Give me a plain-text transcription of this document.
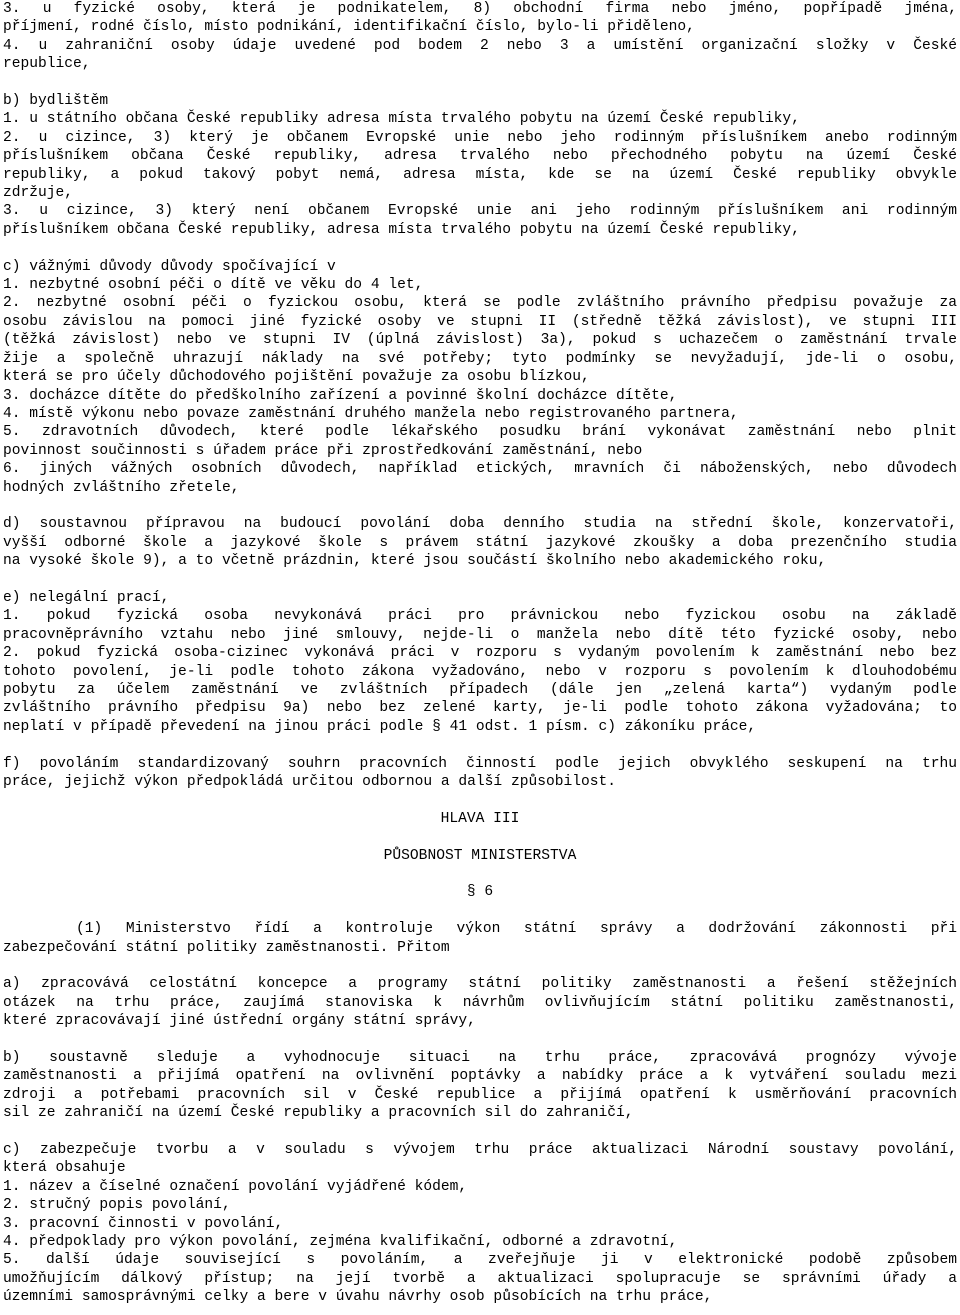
3. u fyzické osoby, která je podnikatelem, 8) obchodní firma nebo jméno, popřípadě jména,
příjmení, rodné číslo, místo podnikání, identifikační číslo, bylo-li přiděleno,
4. u zahraniční osoby údaje uvedené pod bodem 2 nebo 3 a umístění organizační složky v České
republice,
b) bydlištěm
1. u státního občana České republiky adresa místa trvalého pobytu na území České republiky,
2. u cizince, 3) který je občanem Evropské unie nebo jeho rodinným příslušníkem anebo rodinným
příslušníkem občana České republiky, adresa trvalého nebo přechodného pobytu na území České
republiky, a pokud takový pobyt nemá, adresa místa, kde se na území České republiky obvykle
zdržuje,
3. u cizince, 3) který není občanem Evropské unie ani jeho rodinným příslušníkem ani rodinným
příslušníkem občana České republiky, adresa místa trvalého pobytu na území České republiky,
c) vážnými důvody důvody spočívající v
1. nezbytné osobní péči o dítě ve věku do 4 let,
2. nezbytné osobní péči o fyzickou osobu, která se podle zvláštního právního předpisu považuje za
osobu závislou na pomoci jiné fyzické osoby ve stupni II (středně těžká závislost), ve stupni III
(těžká závislost) nebo ve stupni IV (úplná závislost) 3a), pokud s uchazečem o zaměstnání trvale
žije a společně uhrazují náklady na své potřeby; tyto podmínky se nevyžadují, jde-li o osobu,
která se pro účely důchodového pojištění považuje za osobu blízkou,
3. docházce dítěte do předškolního zařízení a povinné školní docházce dítěte,
4. místě výkonu nebo povaze zaměstnání druhého manžela nebo registrovaného partnera,
5. zdravotních důvodech, které podle lékařského posudku brání vykonávat zaměstnání nebo plnit
povinnost součinnosti s úřadem práce při zprostředkování zaměstnání, nebo
6. jiných vážných osobních důvodech, například etických, mravních či náboženských, nebo důvodech
hodných zvláštního zřetele,
d) soustavnou přípravou na budoucí povolání doba denního studia na střední škole, konzervatoři,
vyšší odborné škole a jazykové škole s právem státní jazykové zkoušky a doba prezenčního studia
na vysoké škole 9), a to včetně prázdnin, které jsou součástí školního nebo akademického roku,
e) nelegální prací,
1. pokud fyzická osoba nevykonává práci pro právnickou nebo fyzickou osobu na základě
pracovněprávního vztahu nebo jiné smlouvy, nejde-li o manžela nebo dítě této fyzické osoby, nebo
2. pokud fyzická osoba-cizinec vykonává práci v rozporu s vydaným povolením k zaměstnání nebo bez
tohoto povolení, je-li podle tohoto zákona vyžadováno, nebo v rozporu s povolením k dlouhodobému
pobytu za účelem zaměstnání ve zvláštních případech (dále jen „zelená karta“) vydaným podle
zvláštního právního předpisu 9a) nebo bez zelené karty, je-li podle tohoto zákona vyžadována; to
neplatí v případě převedení na jinou práci podle § 41 odst. 1 písm. c) zákoníku práce,
f) povoláním standardizovaný souhrn pracovních činností podle jejich obvyklého seskupení na trhu
práce, jejichž výkon předpokládá určitou odbornou a další způsobilost.
HLAVA III
PŮSOBNOST MINISTERSTVA
§ 6
(1) Ministerstvo řídí a kontroluje výkon státní správy a dodržování zákonnosti při
zabezpečování státní politiky zaměstnanosti. Přitom
a) zpracovává celostátní koncepce a programy státní politiky zaměstnanosti a řešení stěžejních
otázek na trhu práce, zaujímá stanoviska k návrhům ovlivňujícím státní politiku zaměstnanosti,
které zpracovávají jiné ústřední orgány státní správy,
b) soustavně sleduje a vyhodnocuje situaci na trhu práce, zpracovává prognózy vývoje
zaměstnanosti a přijímá opatření na ovlivnění poptávky a nabídky práce a k vytváření souladu mezi
zdroji a potřebami pracovních sil v České republice a přijímá opatření k usměrňování pracovních
sil ze zahraničí na území České republiky a pracovních sil do zahraničí,
c) zabezpečuje tvorbu a v souladu s vývojem trhu práce aktualizaci Národní soustavy povolání,
která obsahuje
1. název a číselné označení povolání vyjádřené kódem,
2. stručný popis povolání,
3. pracovní činnosti v povolání,
4. předpoklady pro výkon povolání, zejména kvalifikační, odborné a zdravotní,
5. další údaje související s povoláním, a zveřejňuje ji v elektronické podobě způsobem
umožňujícím dálkový přístup; na její tvorbě a aktualizaci spolupracuje se správními úřady a
územními samosprávnými celky a bere v úvahu návrhy osob působících na trhu práce,
